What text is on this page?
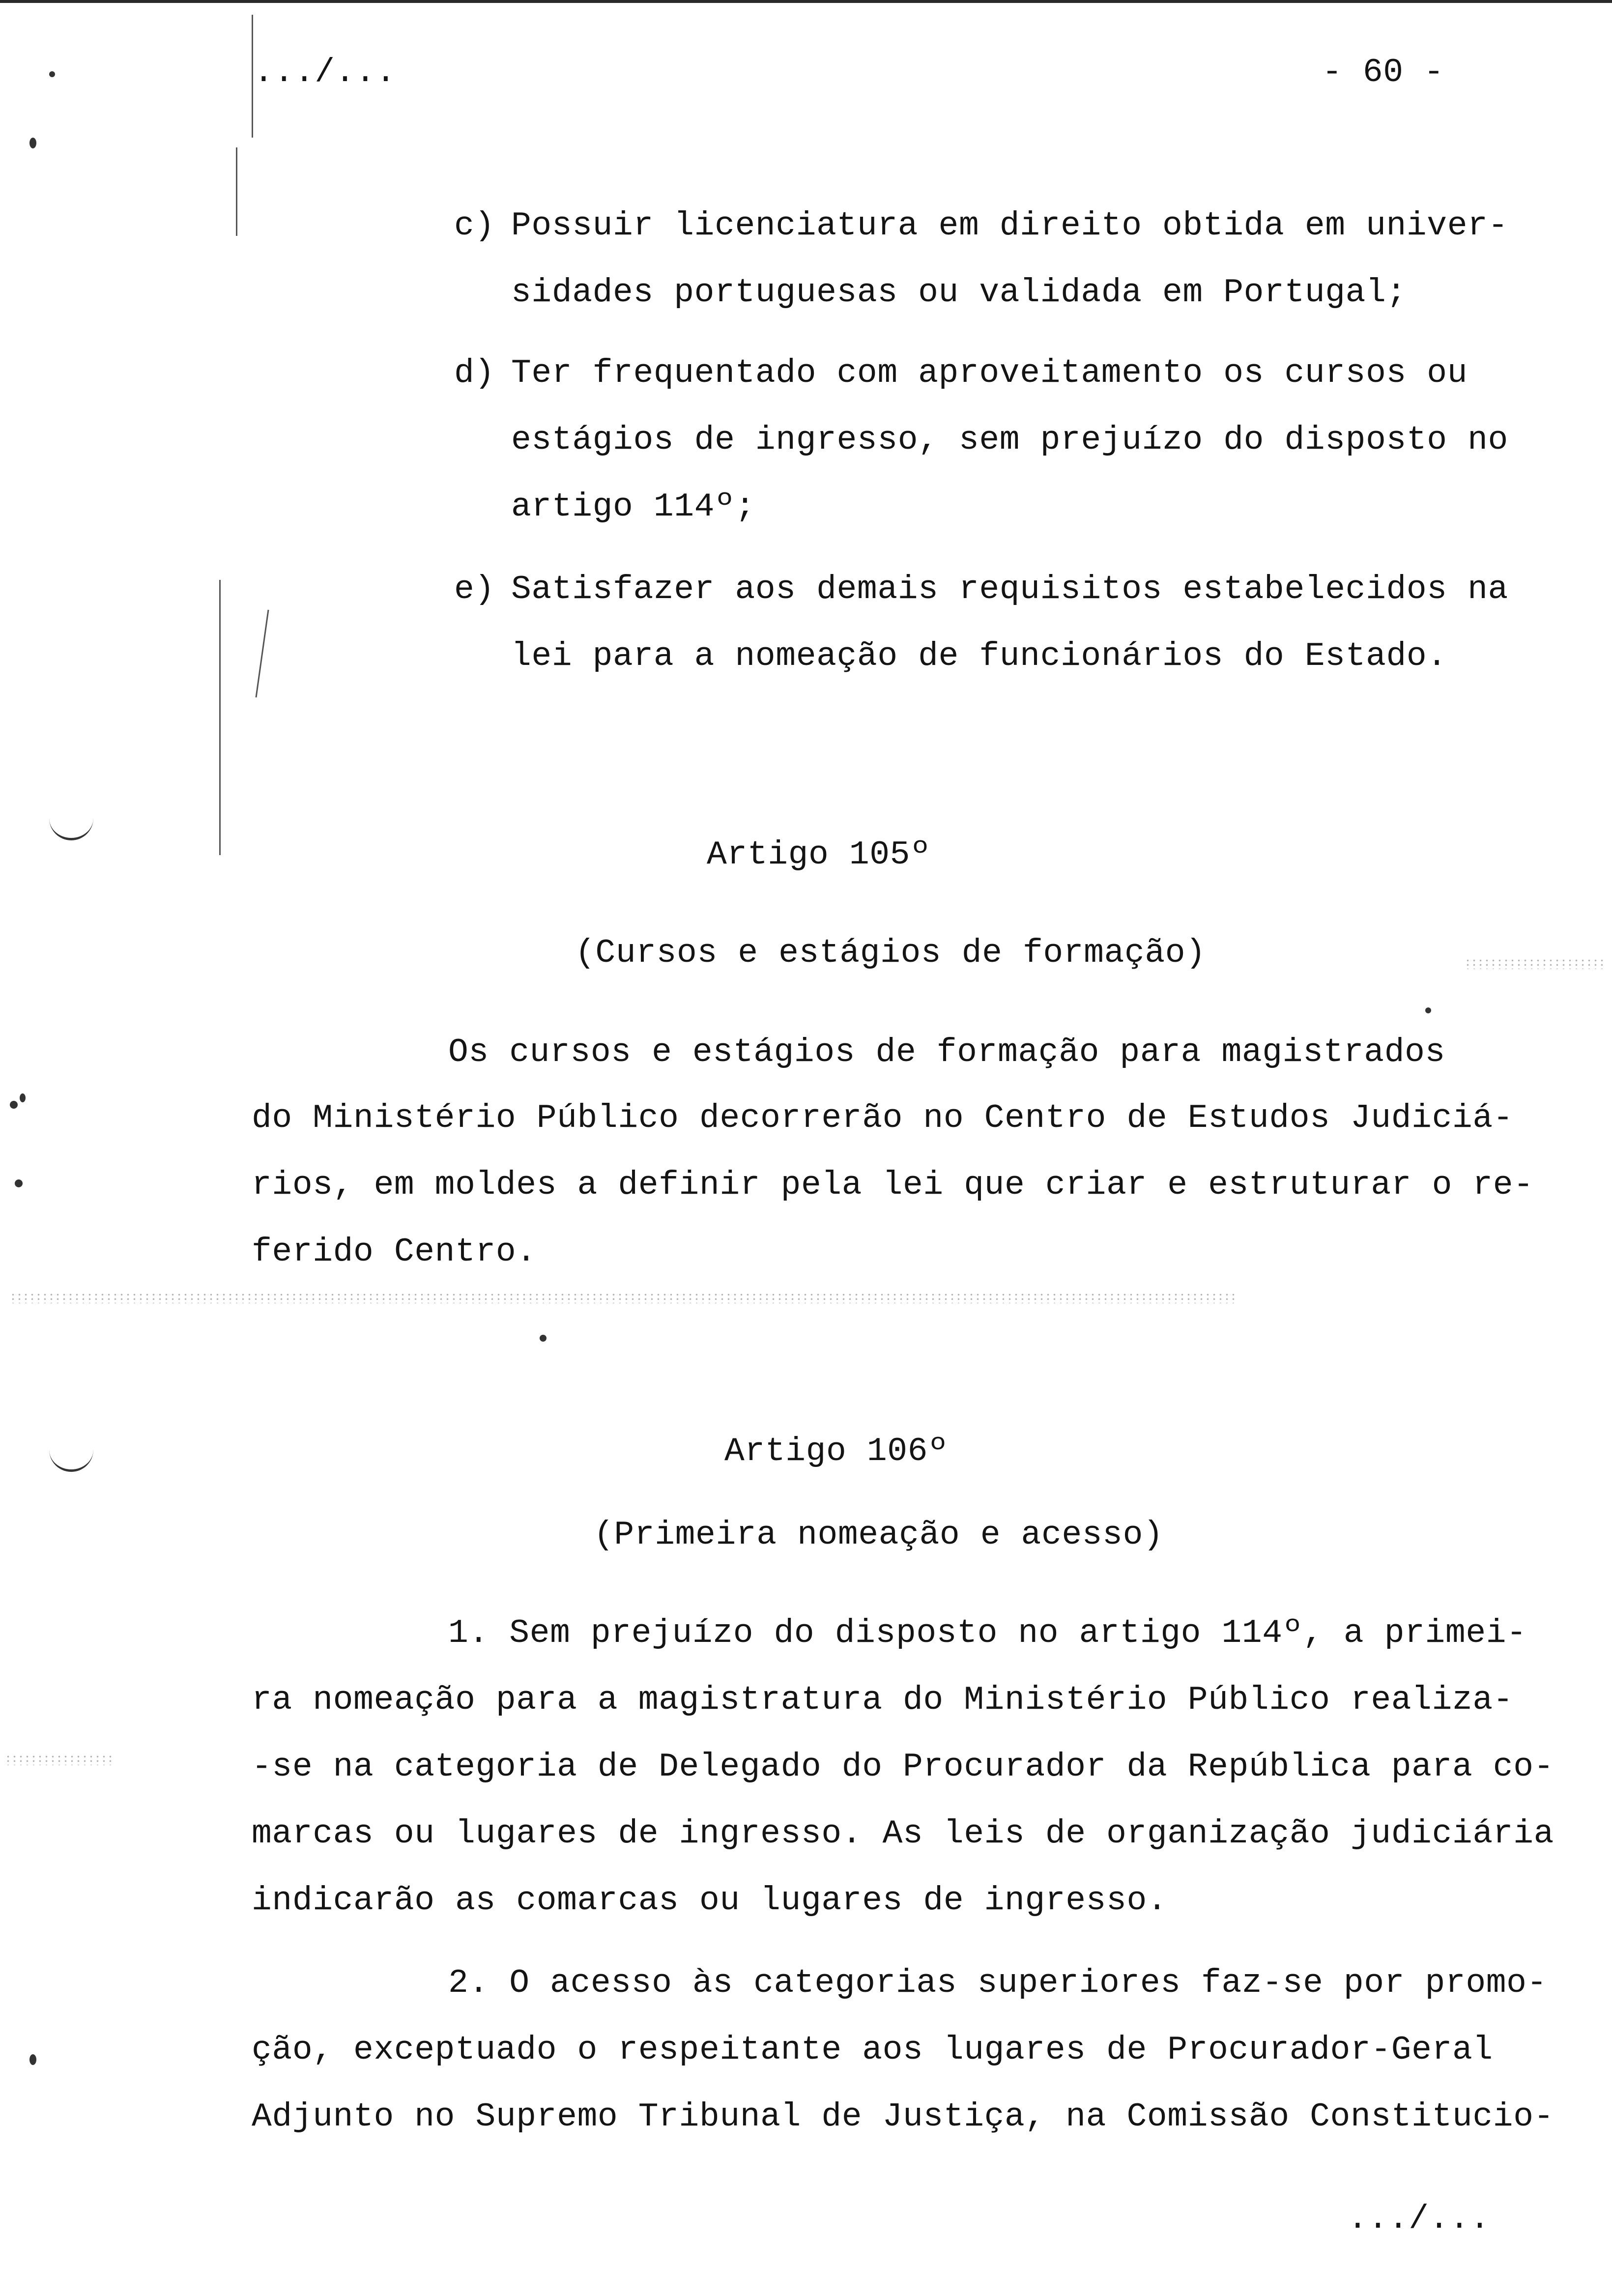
.../...	- 60 -

c) Possuir licenciatura em direito obtida em univer-

sidades portuguesas ou validada em Portugal;

d) Ter frequentado com aproveitamento os cursos ou

estágios de ingresso, sem prejuízo do disposto no

artigo 114º;

e) Satisfazer aos demais requisitos estabelecidos na

lei para a nomeação de funcionários do Estado.

Artigo 105º

(Cursos e estágios de formação)

Os cursos e estágios de formação para magistrados

do Ministério Público decorrerão no Centro de Estudos Judiciá-

rios, em moldes a definir pela lei que criar e estruturar o re-

ferido Centro.

Artigo 106º

(Primeira nomeação e acesso)

1. Sem prejuízo do disposto no artigo 114º, a primei-

ra nomeação para a magistratura do Ministério Público realiza-

-se na categoria de Delegado do Procurador da República para co-

marcas ou lugares de ingresso. As leis de organização judiciária

indicarão as comarcas ou lugares de ingresso.

2. O acesso às categorias superiores faz-se por promo-

ção, exceptuado o respeitante aos lugares de Procurador-Geral

Adjunto no Supremo Tribunal de Justiça, na Comissão Constitucio-

.../...
